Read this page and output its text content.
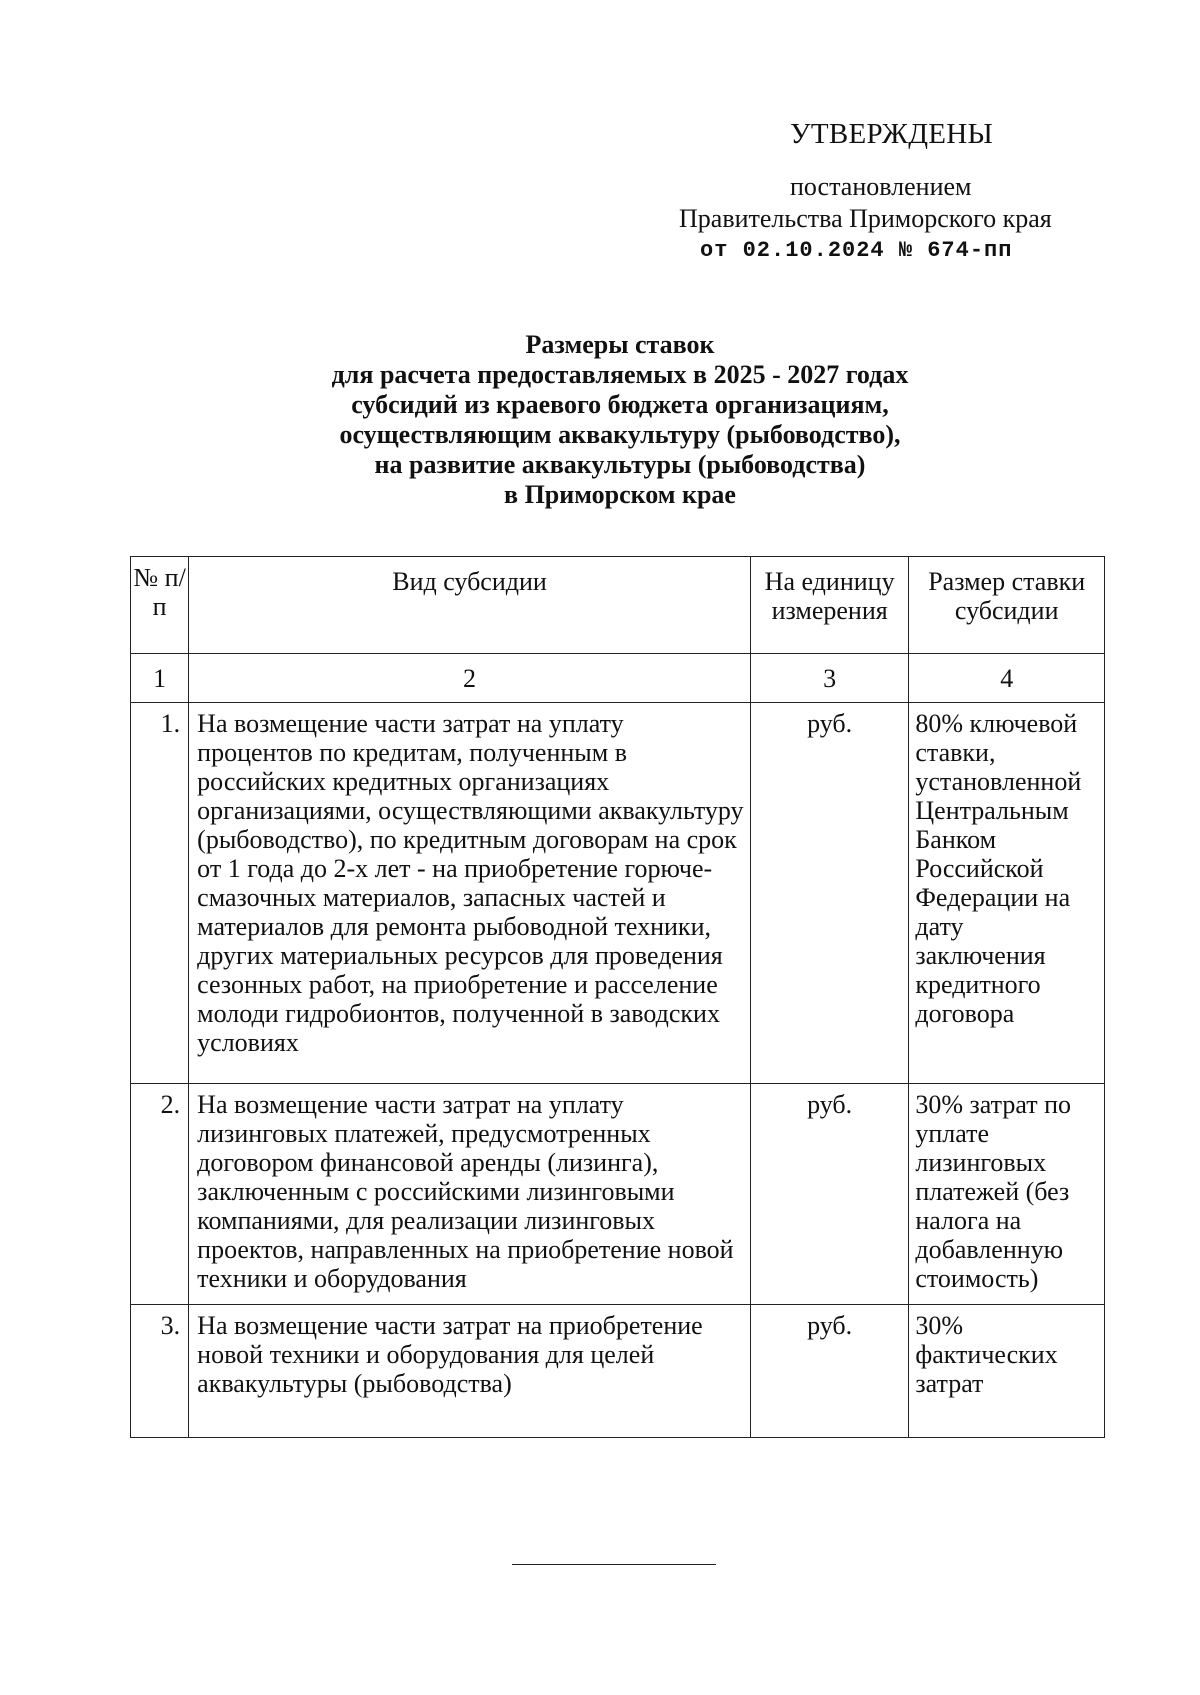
УТВЕРЖДЕНЫ
постановлением
Правительства Приморского края
от 02.10.2024 № 674-пп
Размеры ставок
для расчета предоставляемых в 2025 - 2027 годах
субсидий из краевого бюджета организациям,
осуществляющим аквакультуру (рыбоводство),
на развитие аквакультуры (рыбоводства)
в Приморском крае
№ п/п	Вид субсидии	На единицу измерения	Размер ставки субсидии
1	2	3	4
1.	На возмещение части затрат на уплату процентов по кредитам, полученным в российских кредитных организациях организациями, осуществляющими аквакультуру (рыбоводство), по кредитным договорам на срок от 1 года до 2-х лет - на приобретение горюче-смазочных материалов, запасных частей и материалов для ремонта рыбоводной техники, других материальных ресурсов для проведения сезонных работ, на приобретение и расселение молоди гидробионтов, полученной в заводских условиях	руб.	80% ключевой ставки, установленной Центральным Банком Российской Федерации на дату заключения кредитного договора
2.	На возмещение части затрат на уплату лизинговых платежей, предусмотренных договором финансовой аренды (лизинга), заключенным с российскими лизинговыми компаниями, для реализации лизинговых проектов, направленных на приобретение новой техники и оборудования	руб.	30% затрат по уплате лизинговых платежей (без налога на добавленную стоимость)
3.	На возмещение части затрат на приобретение новой техники и оборудования для целей аквакультуры (рыбоводства)	руб.	30% фактических затрат
